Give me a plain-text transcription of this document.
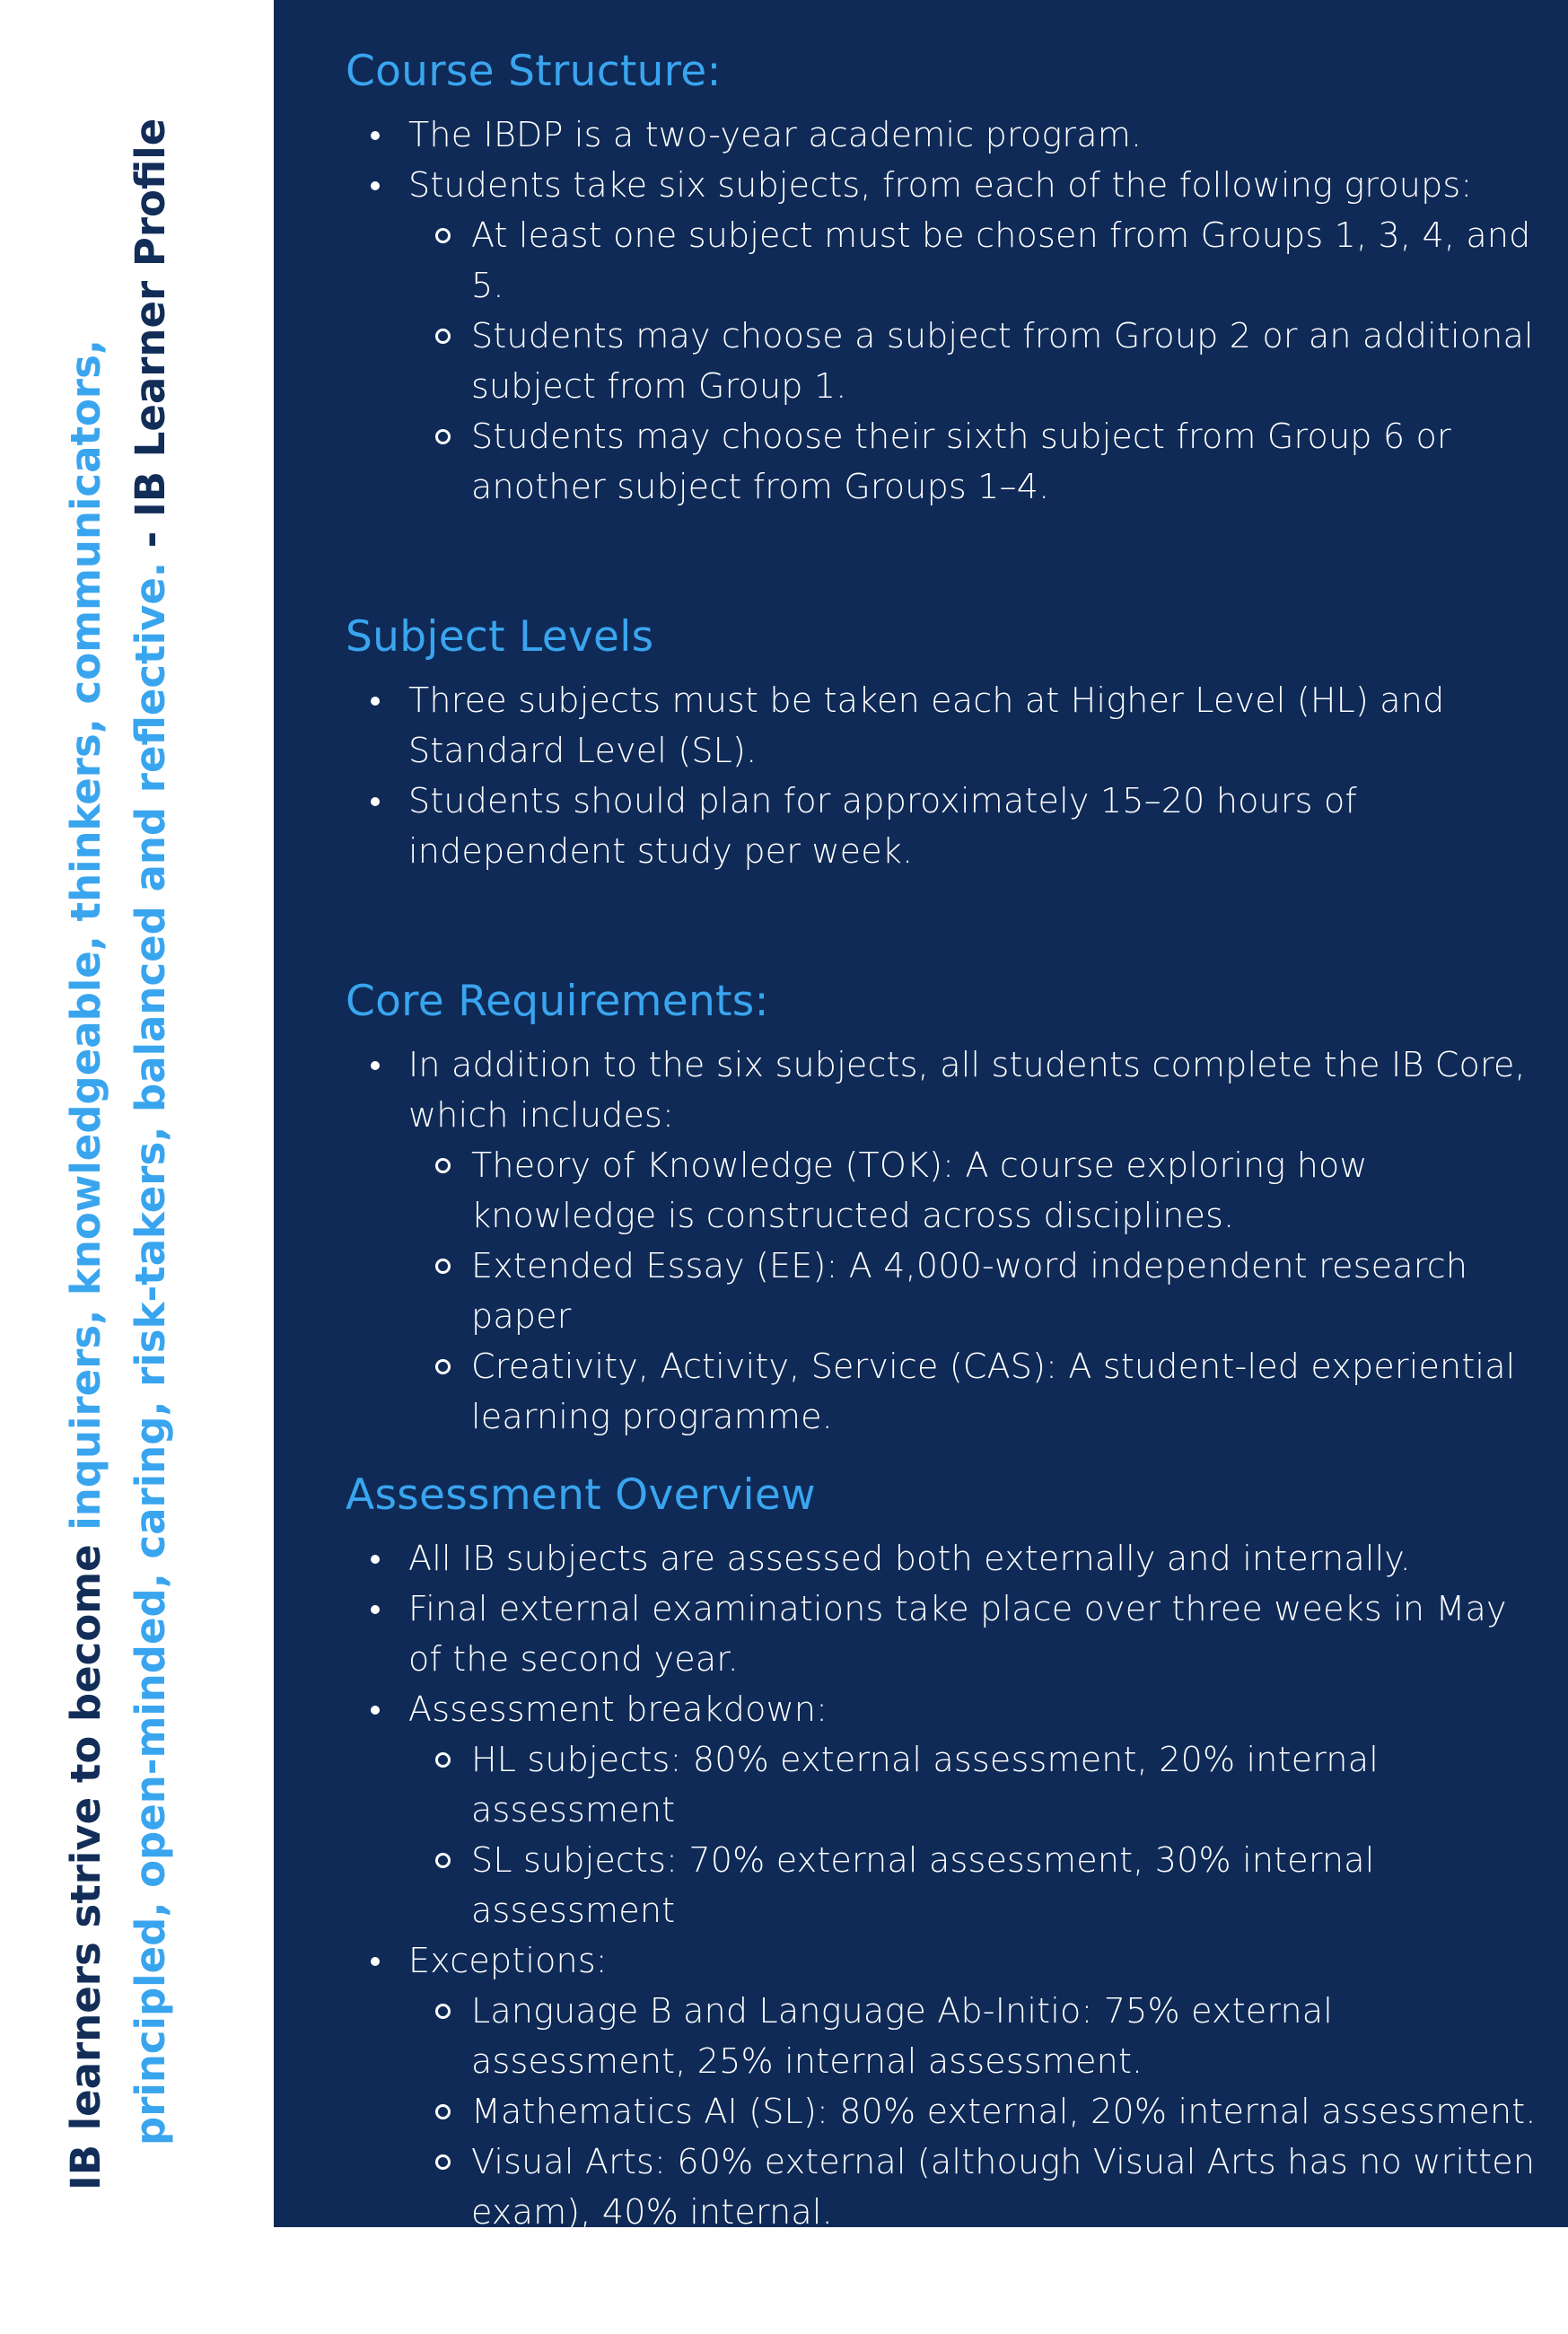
IB learners strive to become inquirers, knowledgeable, thinkers, communicators, principled, open-minded, caring, risk-takers, balanced and reflective. - IB Learner Profile
Course Structure:
The IBDP is a two-year academic program.
Students take six subjects, from each of the following groups:
At least one subject must be chosen from Groups 1, 3, 4, and 5.
Students may choose a subject from Group 2 or an additional subject from Group 1.
Students may choose their sixth subject from Group 6 or another subject from Groups 1–4.
Subject Levels
Three subjects must be taken each at Higher Level (HL) and Standard Level (SL).
Students should plan for approximately 15–20 hours of independent study per week.
Core Requirements:
In addition to the six subjects, all students complete the IB Core, which includes:
Theory of Knowledge (TOK): A course exploring how knowledge is constructed across disciplines.
Extended Essay (EE): A 4,000-word independent research paper
Creativity, Activity, Service (CAS): A student-led experiential learning programme.
Assessment Overview
All IB subjects are assessed both externally and internally.
Final external examinations take place over three weeks in May of the second year.
Assessment breakdown:
HL subjects: 80% external assessment, 20% internal assessment
SL subjects: 70% external assessment, 30% internal assessment
Exceptions:
Language B and Language Ab-Initio: 75% external assessment, 25% internal assessment.
Mathematics AI (SL): 80% external, 20% internal assessment.
Visual Arts: 60% external (although Visual Arts has no written exam), 40% internal.
